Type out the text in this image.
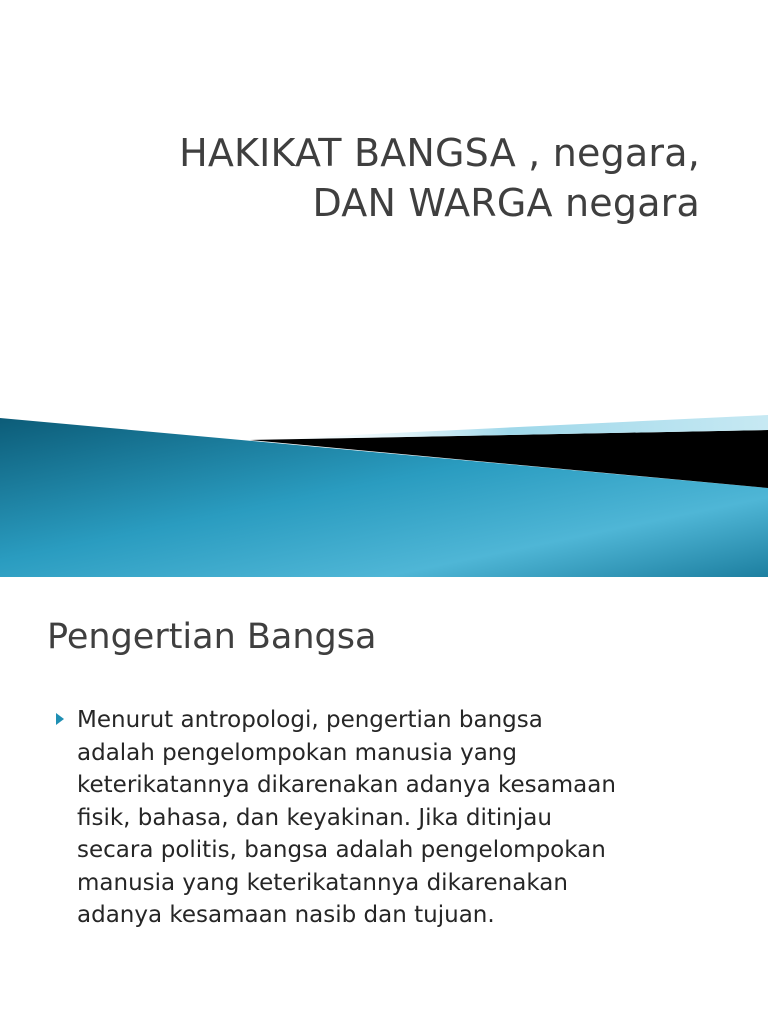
HAKIKAT BANGSA , negara,
DAN WARGA negara
Pengertian Bangsa
Menurut antropologi, pengertian bangsa
adalah pengelompokan manusia yang
keterikatannya dikarenakan adanya kesamaan
fisik, bahasa, dan keyakinan. Jika ditinjau
secara politis, bangsa adalah pengelompokan
manusia yang keterikatannya dikarenakan
adanya kesamaan nasib dan tujuan.
